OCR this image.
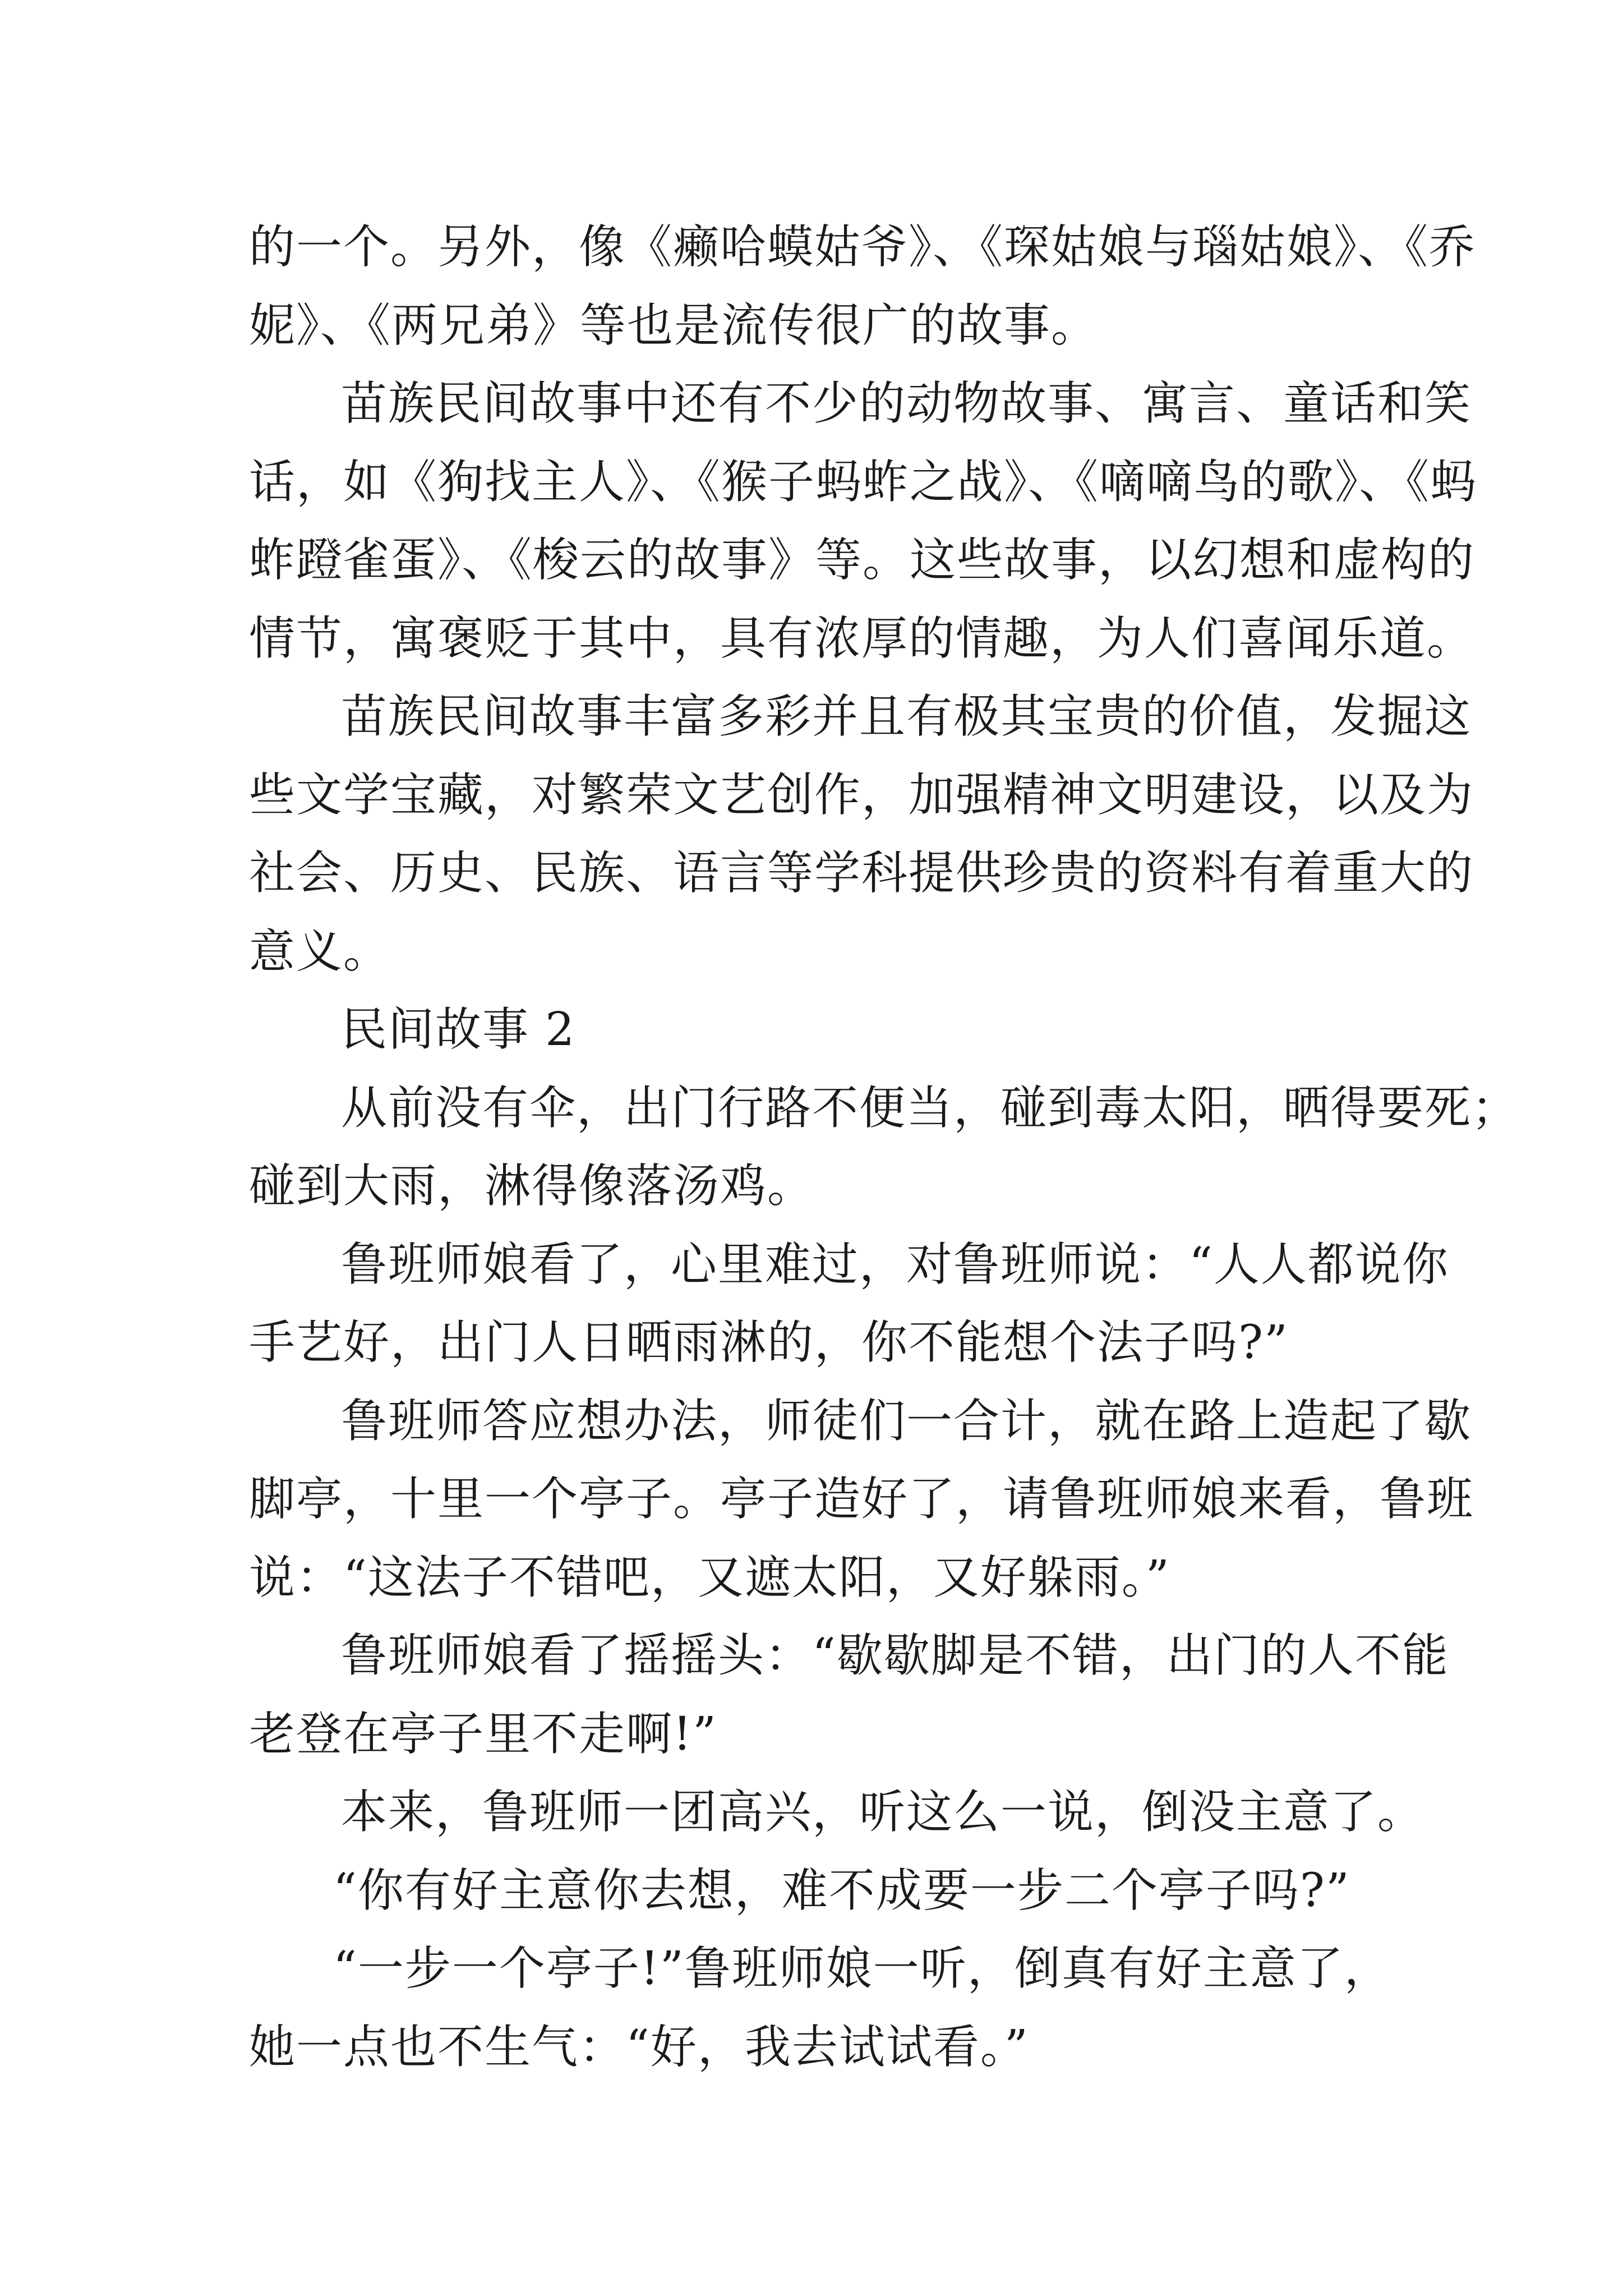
的一个。另外，像《癞哈蟆姑爷》、《琛姑娘与瑙姑娘》、《乔
妮》、《两兄弟》等也是流传很广的故事。
苗族民间故事中还有不少的动物故事、寓言、童话和笑
话，如《狗找主人》、《猴子蚂蚱之战》、《嘀嘀鸟的歌》、《蚂
蚱蹬雀蛋》、《梭云的故事》等。这些故事，以幻想和虚构的
情节，寓褒贬于其中，具有浓厚的情趣，为人们喜闻乐道。
苗族民间故事丰富多彩并且有极其宝贵的价值，发掘这
些文学宝藏，对繁荣文艺创作，加强精神文明建设，以及为
社会、历史、民族、语言等学科提供珍贵的资料有着重大的
意义。
民间故事 2
从前没有伞，出门行路不便当，碰到毒太阳，晒得要死；
碰到大雨，淋得像落汤鸡。
鲁班师娘看了，心里难过，对鲁班师说：“人人都说你
手艺好，出门人日晒雨淋的，你不能想个法子吗?”
鲁班师答应想办法，师徒们一合计，就在路上造起了歇
脚亭，十里一个亭子。亭子造好了，请鲁班师娘来看，鲁班
说：“这法子不错吧，又遮太阳，又好躲雨。”
鲁班师娘看了摇摇头：“歇歇脚是不错，出门的人不能
老登在亭子里不走啊!”
本来，鲁班师一团高兴，听这么一说，倒没主意了。
“你有好主意你去想，难不成要一步二个亭子吗?”
“一步一个亭子!”鲁班师娘一听，倒真有好主意了，
她一点也不生气：“好，我去试试看。”
